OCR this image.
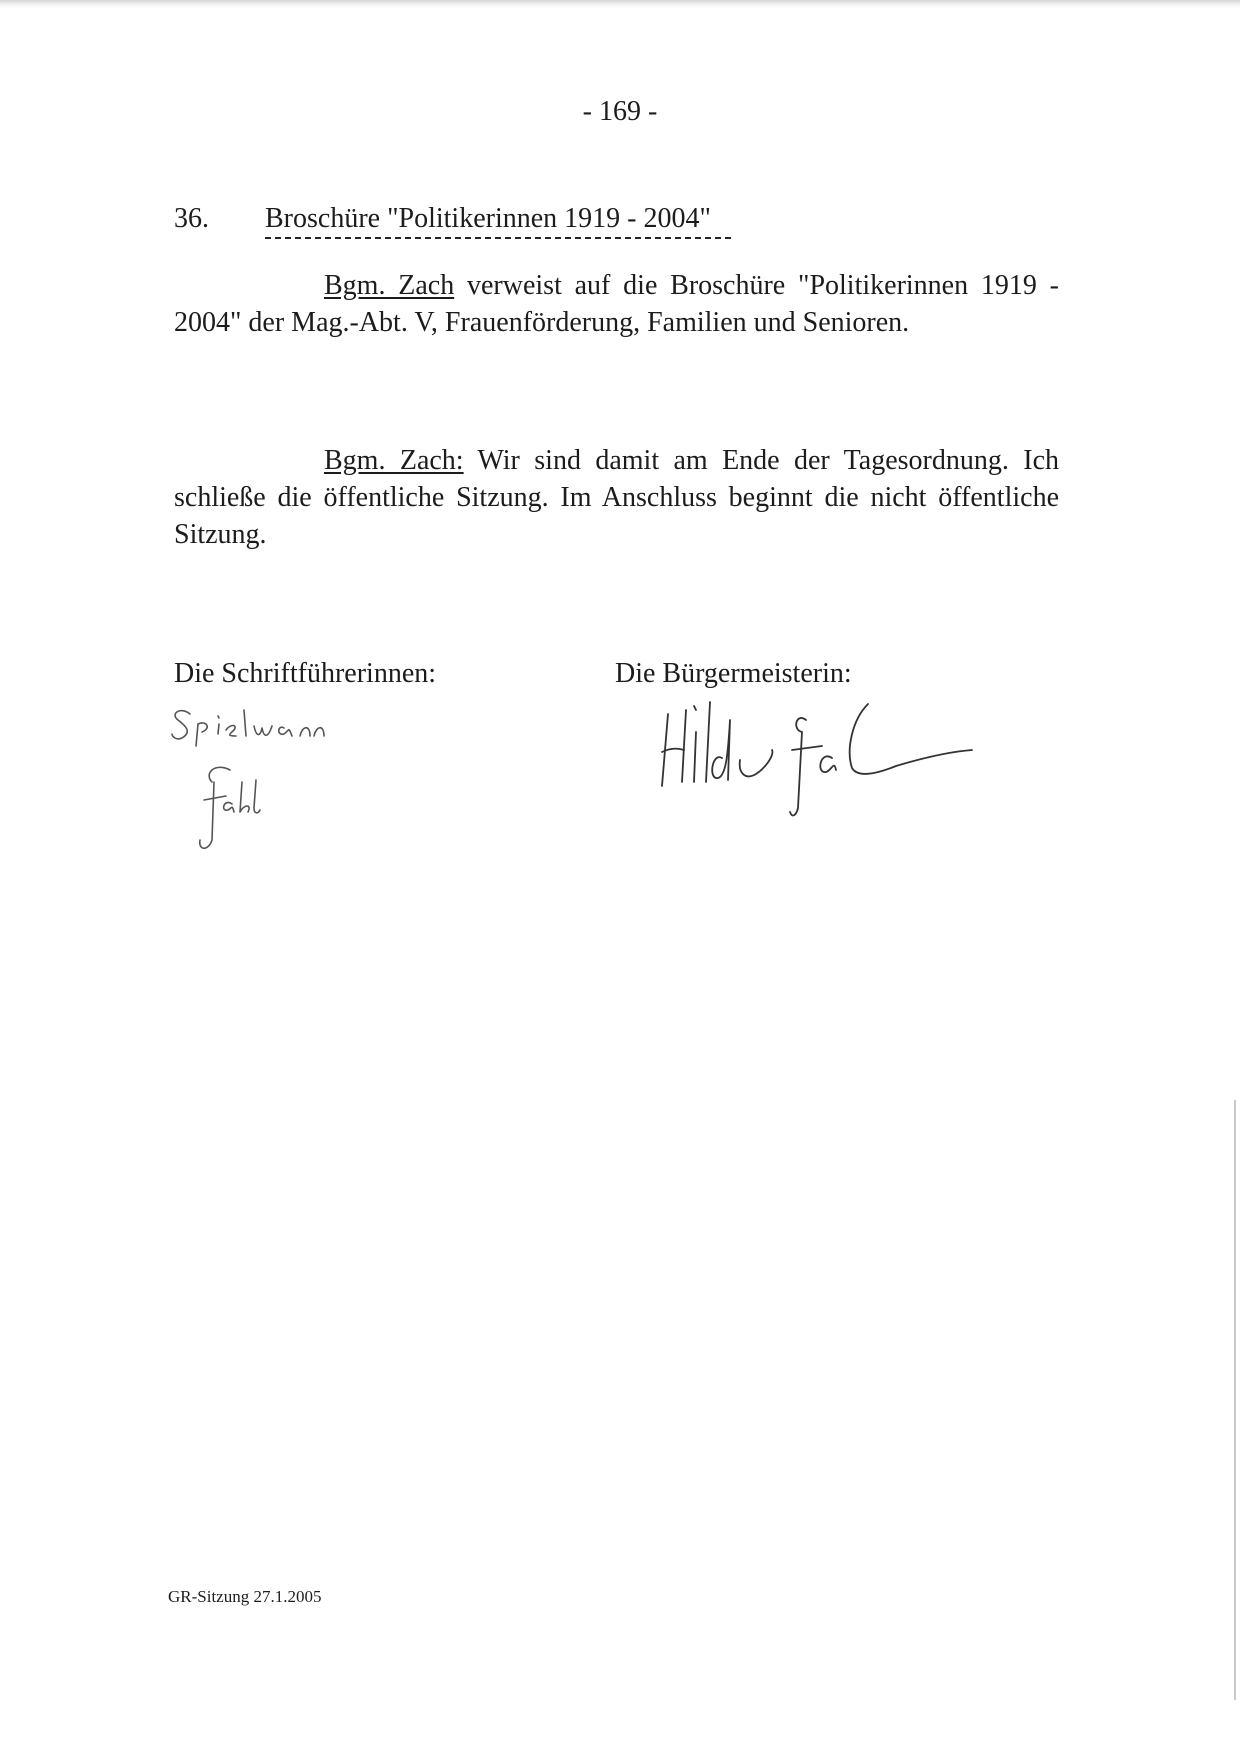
- 169 -
36. Broschüre "Politikerinnen 1919 - 2004"
Bgm. Zach verweist auf die Broschüre "Politikerinnen 1919 - 2004" der Mag.-Abt. V, Frauenförderung, Familien und Senioren.
Bgm. Zach: Wir sind damit am Ende der Tagesordnung. Ich schließe die öffentliche Sitzung. Im Anschluss beginnt die nicht öffentliche Sitzung.
Die Schriftführerinnen:	Die Bürgermeisterin:
GR-Sitzung 27.1.2005
